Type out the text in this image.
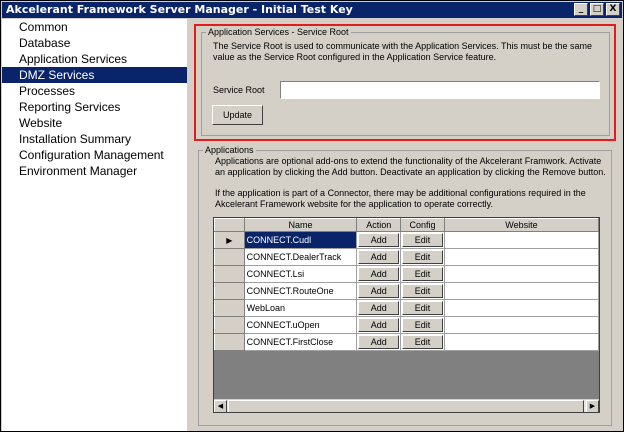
Akcelerant Framework Server Manager - Initial Test Key	_	□ X
Common
Database
Application Services
DMZ Services
Processes
Reporting Services
Website
Installation Summary
Configuration Management
Environment Manager
Application Services - Service Root
The Service Root is used to communicate with the Application Services. This must be the same value as the Service Root configured in the Application Service feature.
Service Root
Update
Applications
Applications are optional add-ons to extend the functionality of the Akcelerant Framwork. Activate an application by clicking the Add button. Deactivate an application by clicking the Remove button.
If the application is part of a Connector, there may be additional configurations required in the Akcelerant Framework website for the application to operate correctly.
	Name	Action	Config	Website
▶	CONNECT.Cudl	Add	Edit	

	CONNECT.DealerTrack	Add	Edit	

	CONNECT.Lsi	Add	Edit	

	CONNECT.RouteOne	Add	Edit	

	WebLoan	Add	Edit	

	CONNECT.uOpen	Add	Edit	

	CONNECT.FirstClose	Add	Edit	

◀	▶
